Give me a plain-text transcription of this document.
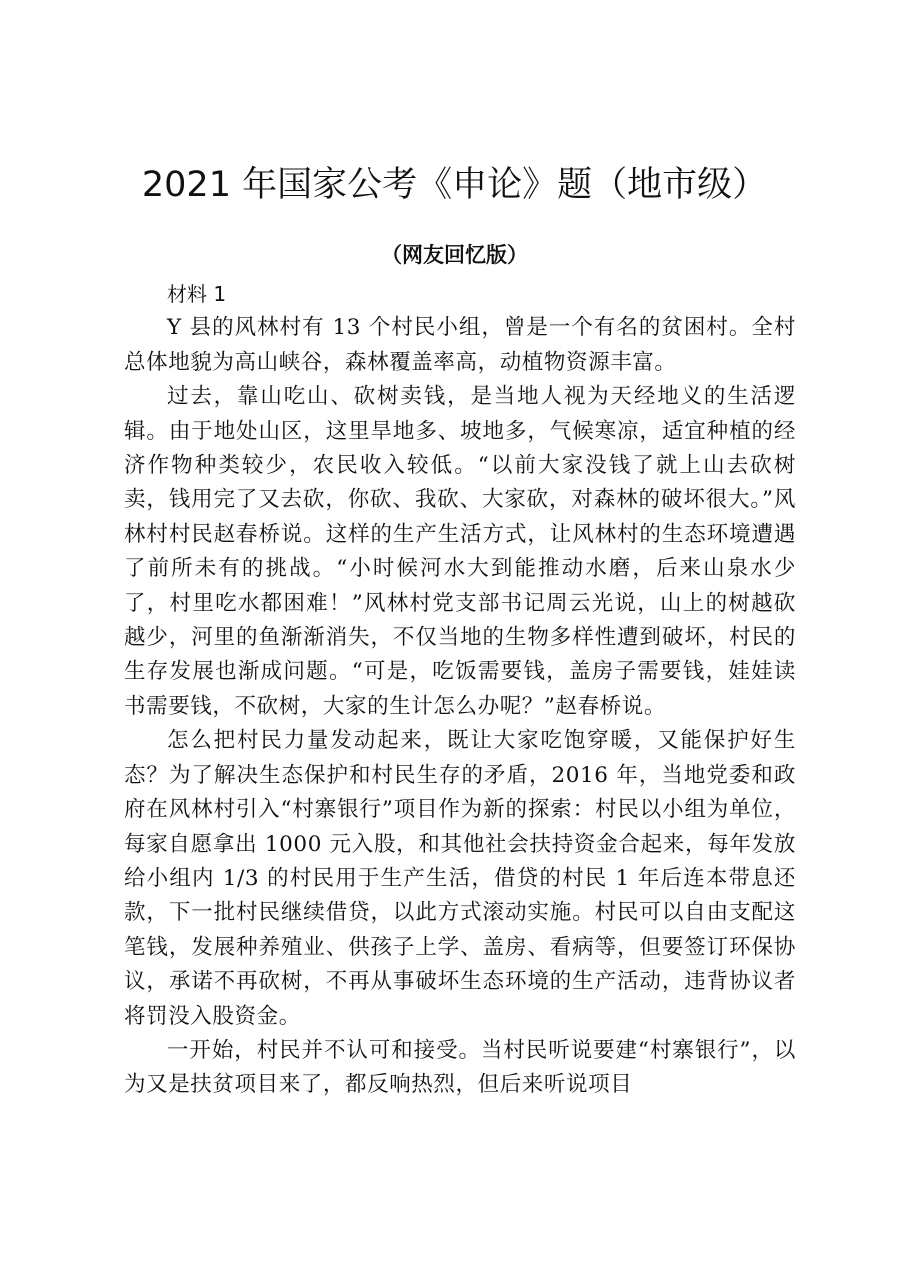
2021 年国家公考《申论》题（地市级）
（网友回忆版）
材料 1

Y 县的风林村有 13 个村民小组，曾是一个有名的贫困村。全村总体地貌为高山峡谷，森林覆盖率高，动植物资源丰富。

过去，靠山吃山、砍树卖钱，是当地人视为天经地义的生活逻辑。由于地处山区，这里旱地多、坡地多，气候寒凉，适宜种植的经济作物种类较少，农民收入较低。“以前大家没钱了就上山去砍树卖，钱用完了又去砍，你砍、我砍、大家砍，对森林的破坏很大。”风林村村民赵春桥说。这样的生产生活方式，让风林村的生态环境遭遇了前所未有的挑战。“小时候河水大到能推动水磨，后来山泉水少了，村里吃水都困难！”风林村党支部书记周云光说，山上的树越砍越少，河里的鱼渐渐消失，不仅当地的生物多样性遭到破坏，村民的生存发展也渐成问题。“可是，吃饭需要钱，盖房子需要钱，娃娃读书需要钱，不砍树，大家的生计怎么办呢？”赵春桥说。

怎么把村民力量发动起来，既让大家吃饱穿暖，又能保护好生态？为了解决生态保护和村民生存的矛盾，2016 年，当地党委和政府在风林村引入“村寨银行”项目作为新的探索：村民以小组为单位，每家自愿拿出 1000 元入股，和其他社会扶持资金合起来，每年发放给小组内 1/3 的村民用于生产生活，借贷的村民 1 年后连本带息还款，下一批村民继续借贷，以此方式滚动实施。村民可以自由支配这笔钱，发展种养殖业、供孩子上学、盖房、看病等，但要签订环保协议，承诺不再砍树，不再从事破坏生态环境的生产活动，违背协议者将罚没入股资金。

一开始，村民并不认可和接受。当村民听说要建“村寨银行”，以为又是扶贫项目来了，都反响热烈，但后来听说项目
